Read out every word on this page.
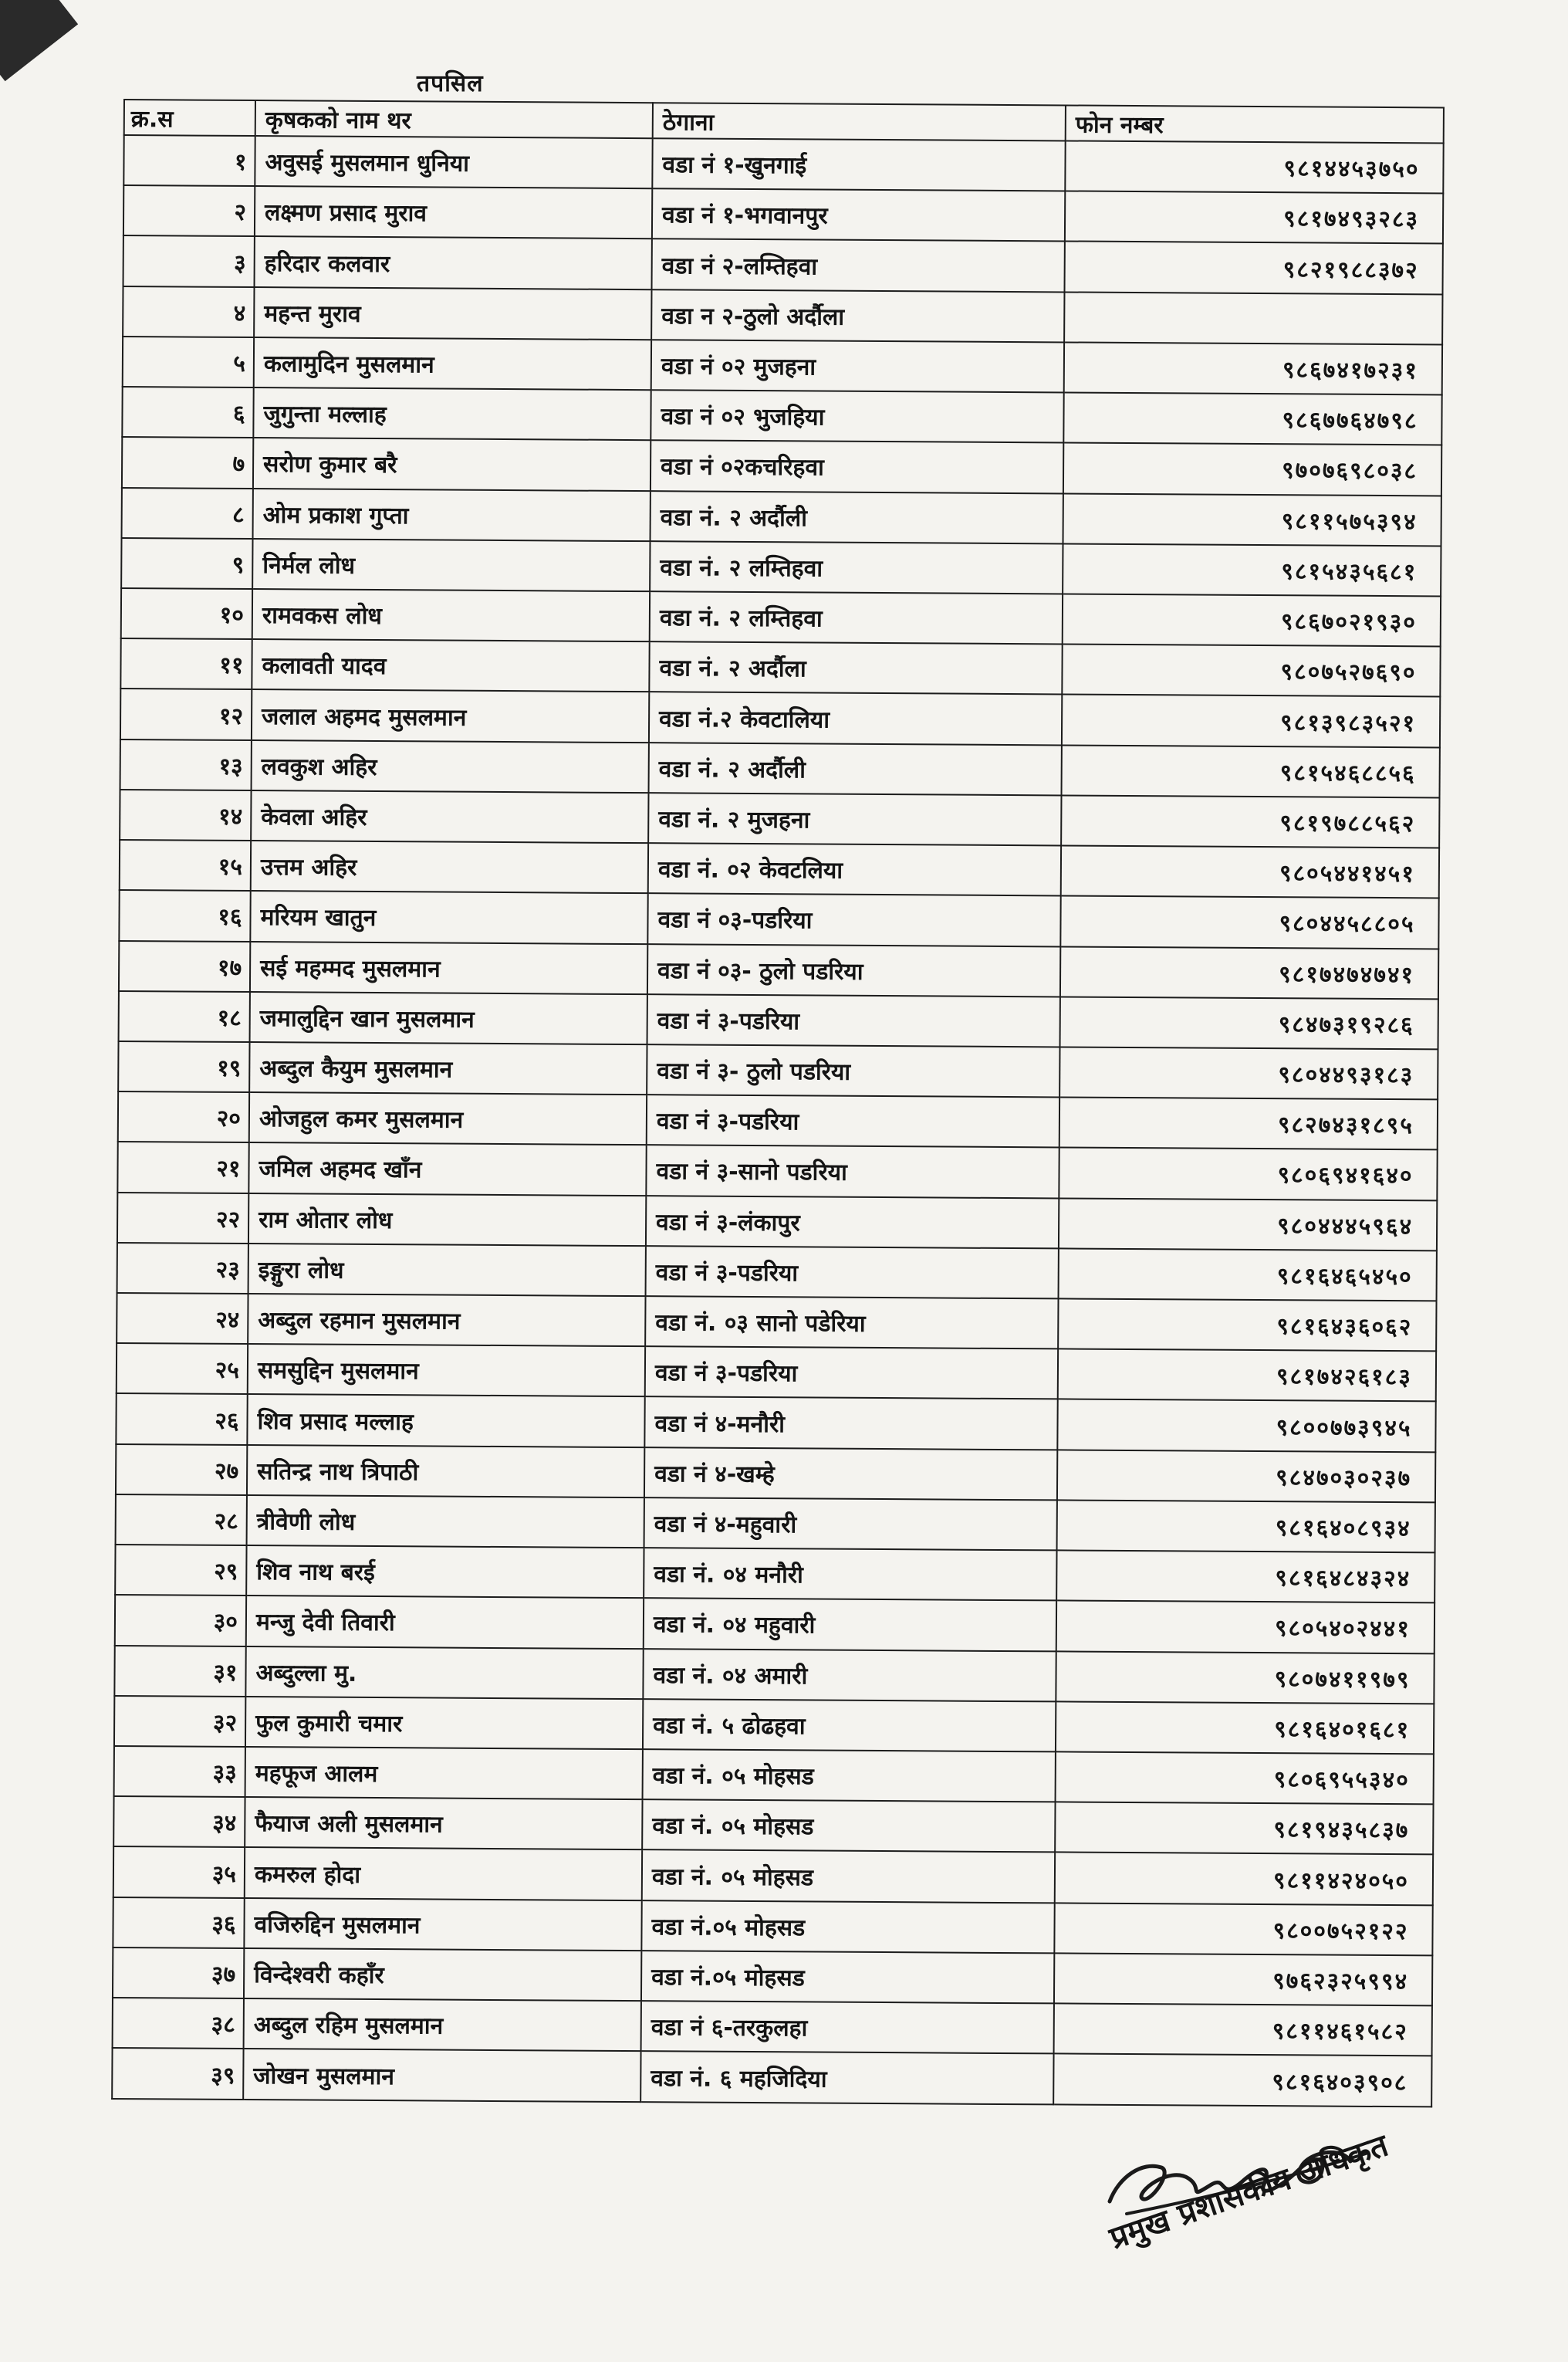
तपसिल
क्र.स	कृषकको नाम थर	ठेगाना	फोन नम्बर
१	अवुसई मुसलमान धुनिया	वडा नं १-खुनगाई	९८१४४५३७५०
२	लक्ष्मण प्रसाद मुराव	वडा नं १-भगवानपुर	९८१७४९३२८३
३	हरिदार कलवार	वडा नं २-लम्तिहवा	९८२१९८८३७२
४	महन्त मुराव	वडा न २-ठुलो अर्दौला	
५	कलामुदिन मुसलमान	वडा नं ०२ मुजहना	९८६७४१७२३१
६	जुगुन्ता मल्लाह	वडा नं ०२ भुजहिया	९८६७७६४७९८
७	सरोण कुमार बरै	वडा नं ०२कचरिहवा	९७०७६९८०३८
८	ओम प्रकाश गुप्ता	वडा नं. २ अर्दौली	९८११५७५३९४
९	निर्मल लोध	वडा नं. २ लम्तिहवा	९८१५४३५६८१
१०	रामवकस लोध	वडा नं. २ लम्तिहवा	९८६७०२१९३०
११	कलावती यादव	वडा नं. २ अर्दौला	९८०७५२७६९०
१२	जलाल अहमद मुसलमान	वडा नं.२ केवटालिया	९८१३९८३५२१
१३	लवकुश अहिर	वडा नं. २ अर्दौली	९८१५४६८८५६
१४	केवला अहिर	वडा नं. २ मुजहना	९८१९७८८५६२
१५	उत्तम अहिर	वडा नं. ०२ केवटलिया	९८०५४४१४५१
१६	मरियम खातुन	वडा नं ०३-पडरिया	९८०४४५८८०५
१७	सई महम्मद मुसलमान	वडा नं ०३- ठुलो पडरिया	९८१७४७४७४१
१८	जमालुद्दिन खान मुसलमान	वडा नं ३-पडरिया	९८४७३१९२८६
१९	अब्दुल कैयुम मुसलमान	वडा नं ३- ठुलो पडरिया	९८०४४९३१८३
२०	ओजहुल कमर मुसलमान	वडा नं ३-पडरिया	९८२७४३१८९५
२१	जमिल अहमद खाँन	वडा नं ३-सानो पडरिया	९८०६९४१६४०
२२	राम ओतार लोध	वडा नं ३-लंकापुर	९८०४४४५९६४
२३	इङ्गुरा लोध	वडा नं ३-पडरिया	९८१६४६५४५०
२४	अब्दुल रहमान मुसलमान	वडा नं. ०३ सानो पडेरिया	९८१६४३६०६२
२५	समसुद्दिन मुसलमान	वडा नं ३-पडरिया	९८१७४२६१८३
२६	शिव प्रसाद मल्लाह	वडा नं ४-मनौरी	९८००७७३९४५
२७	सतिन्द्र नाथ त्रिपाठी	वडा नं ४-खम्हे	९८४७०३०२३७
२८	त्रीवेणी लोध	वडा नं ४-महुवारी	९८१६४०८९३४
२९	शिव नाथ बरई	वडा नं. ०४ मनौरी	९८१६४८४३२४
३०	मन्जु देवी तिवारी	वडा नं. ०४ महुवारी	९८०५४०२४४१
३१	अब्दुल्ला मु.	वडा नं. ०४ अमारी	९८०७४११९७९
३२	फुल कुमारी चमार	वडा नं. ५ ढोढहवा	९८१६४०१६८१
३३	महफूज आलम	वडा नं. ०५ मोहसड	९८०६९५५३४०
३४	फैयाज अली मुसलमान	वडा नं. ०५ मोहसड	९८१९४३५८३७
३५	कमरुल होदा	वडा नं. ०५ मोहसड	९८११४२४०५०
३६	वजिरुद्दिन मुसलमान	वडा नं.०५ मोहसड	९८००७५२१२२
३७	विन्देश्वरी कहाँर	वडा नं.०५ मोहसड	९७६२३२५९९४
३८	अब्दुल रहिम मुसलमान	वडा नं ६-तरकुलहा	९८११४६१५८२
३९	जोखन मुसलमान	वडा नं. ६ महजिदिया	९८१६४०३९०८
प्रमुख प्रशासकीय अधिकृत
